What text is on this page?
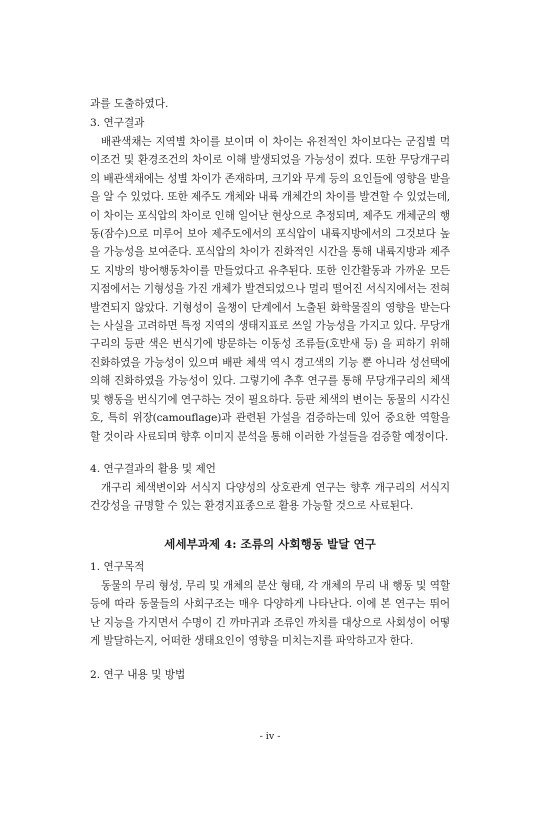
과를 도출하였다.

3. 연구결과

배관색채는 지역별 차이를 보이며 이 차이는 유전적인 차이보다는 군집별 먹이조건 및 환경조건의 차이로 이해 발생되었을 가능성이 컸다. 또한 무당개구리의 배관색채에는 성별 차이가 존재하며, 크기와 무게 등의 요인들에 영향을 받을을 알 수 있었다. 또한 제주도 개체와 내륙 개체간의 차이를 발견할 수 있었는데, 이 차이는 포식압의 차이로 인해 일어난 현상으로 추정되며, 제주도 개체군의 행동(잠수)으로 미루어 보아 제주도에서의 포식압이 내륙지방에서의 그것보다 높을 가능성을 보여준다. 포식압의 차이가 진화적인 시간을 통해 내륙지방과 제주도 지방의 방어행동차이를 만들었다고 유추된다. 또한 인간활동과 가까운 모든 지점에서는 기형성을 가진 개체가 발견되었으나 멀리 떨어진 서식지에서는 전혀 발견되지 않았다. 기형성이 올챙이 단계에서 노출된 화학물질의 영향을 받는다는 사실을 고려하면 특정 지역의 생태지표로 쓰일 가능성을 가지고 있다. 무당개구리의 등판 색은 번식기에 방문하는 이동성 조류들(호반새 등) 을 피하기 위해 진화하였을 가능성이 있으며 배판 체색 역시 경고색의 기능 뿐 아니라 성선택에 의해 진화하였을 가능성이 있다. 그렇기에 추후 연구를 통해 무당개구리의 체색 및 행동을 번식기에 연구하는 것이 필요하다. 등판 체색의 변이는 동물의 시각신호, 특히 위장(camouflage)과 관련된 가설을 검증하는데 있어 중요한 역할을 할 것이라 사료되며 향후 이미지 분석을 통해 이러한 가설들을 검증할 예정이다.

4. 연구결과의 활용 및 제언

개구리 체색변이와 서식지 다양성의 상호관계 연구는 향후 개구리의 서식지 건강성을 규명할 수 있는 환경지표종으로 활용 가능할 것으로 사료된다.

세세부과제 4: 조류의 사회행동 발달 연구

1. 연구목적

동물의 무리 형성, 무리 및 개체의 분산 형태, 각 개체의 무리 내 행동 및 역할 등에 따라 동물들의 사회구조는 매우 다양하게 나타난다. 이에 본 연구는 뛰어난 지능을 가지면서 수명이 긴 까마귀과 조류인 까치를 대상으로 사회성이 어떻게 발달하는지, 어떠한 생태요인이 영향을 미치는지를 파악하고자 한다.

2. 연구 내용 및 방법

- iv -
